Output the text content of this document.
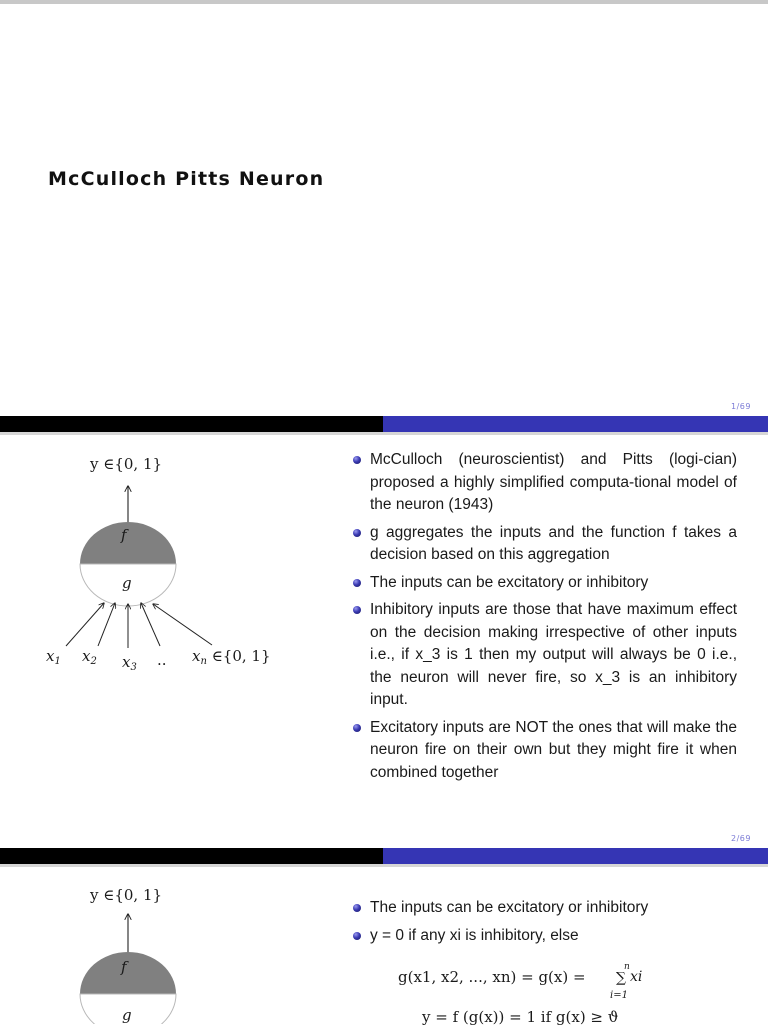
McCulloch Pitts Neuron
1/69
y ∈{0, 1}
f
g
$x_1$ $x_2$ $x_3$ .. $x_n$ ∈{0, 1}
McCulloch (neuroscientist) and Pitts (logi-cian) proposed a highly simplified computa-tional model of the neuron (1943)
g aggregates the inputs and the function f takes a decision based on this aggregation
The inputs can be excitatory or inhibitory
Inhibitory inputs are those that have maximum effect on the decision making irrespective of other inputs i.e., if x_3 is 1 then my output will always be 0 i.e., the neuron will never fire, so x_3 is an inhibitory input.
Excitatory inputs are NOT the ones that will make the neuron fire on their own but they might fire it when combined together
2/69
y ∈{0, 1}
f
g
The inputs can be excitatory or inhibitory
y = 0 if any xi is inhibitory, else
g(x1, x2, ..., xn) = g(x) =
n
∑ xi
i=1
y = f (g(x)) = 1 if g(x) ≥ ϑ
